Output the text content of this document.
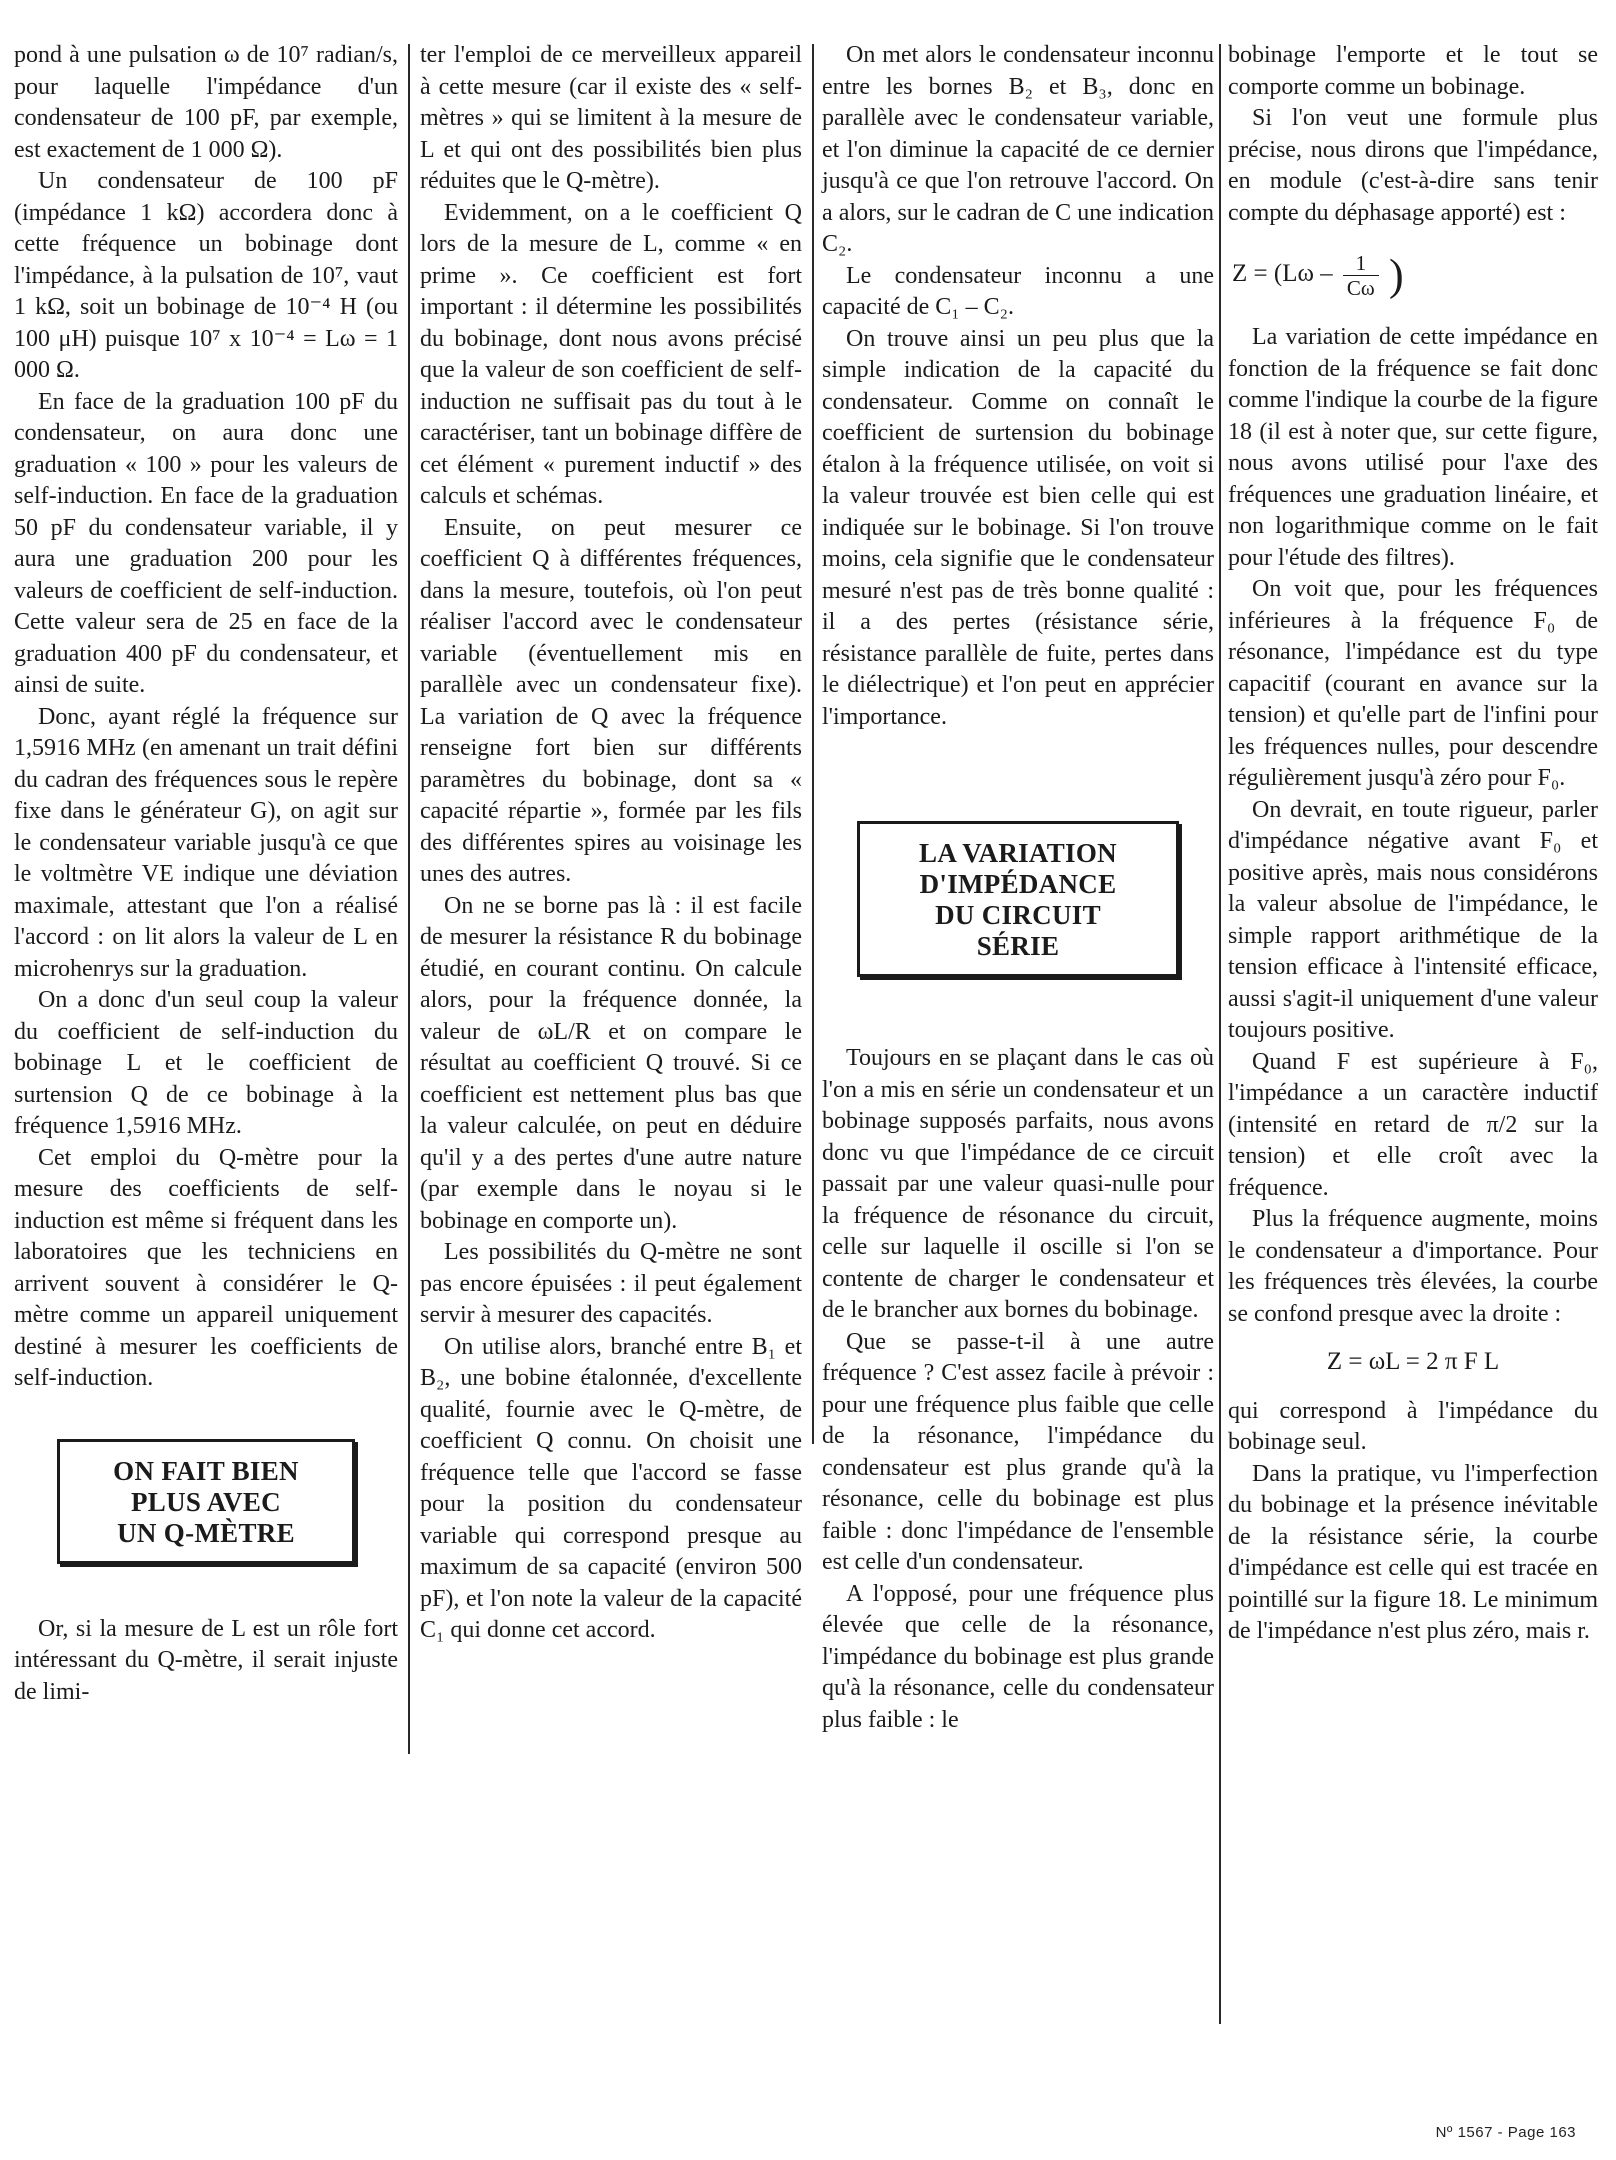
pond à une pulsation ω de 10⁷ radian/s, pour laquelle l'impédance d'un condensateur de 100 pF, par exemple, est exactement de 1 000 Ω).

Un condensateur de 100 pF (impédance 1 kΩ) accordera donc à cette fréquence un bobinage dont l'impédance, à la pulsation de 10⁷, vaut 1 kΩ, soit un bobinage de 10⁻⁴ H (ou 100 μH) puisque 10⁷ x 10⁻⁴ = Lω = 1 000 Ω.

En face de la graduation 100 pF du condensateur, on aura donc une graduation « 100 » pour les valeurs de self-induction. En face de la graduation 50 pF du condensateur variable, il y aura une graduation 200 pour les valeurs de coefficient de self-induction. Cette valeur sera de 25 en face de la graduation 400 pF du condensateur, et ainsi de suite.

Donc, ayant réglé la fréquence sur 1,5916 MHz (en amenant un trait défini du cadran des fréquences sous le repère fixe dans le générateur G), on agit sur le condensateur variable jusqu'à ce que le voltmètre VE indique une déviation maximale, attestant que l'on a réalisé l'accord : on lit alors la valeur de L en microhenrys sur la graduation.

On a donc d'un seul coup la valeur du coefficient de self-induction du bobinage L et le coefficient de surtension Q de ce bobinage à la fréquence 1,5916 MHz.

Cet emploi du Q-mètre pour la mesure des coefficients de self-induction est même si fréquent dans les laboratoires que les techniciens en arrivent souvent à considérer le Q-mètre comme un appareil uniquement destiné à mesurer les coefficients de self-induction.

ON FAIT BIEN
PLUS AVEC
UN Q-MÈTRE

Or, si la mesure de L est un rôle fort intéressant du Q-mètre, il serait injuste de limi-

ter l'emploi de ce merveilleux appareil à cette mesure (car il existe des « self-mètres » qui se limitent à la mesure de L et qui ont des possibilités bien plus réduites que le Q-mètre).

Evidemment, on a le coefficient Q lors de la mesure de L, comme « en prime ». Ce coefficient est fort important : il détermine les possibilités du bobinage, dont nous avons précisé que la valeur de son coefficient de self-induction ne suffisait pas du tout à le caractériser, tant un bobinage diffère de cet élément « purement inductif » des calculs et schémas.

Ensuite, on peut mesurer ce coefficient Q à différentes fréquences, dans la mesure, toutefois, où l'on peut réaliser l'accord avec le condensateur variable (éventuellement mis en parallèle avec un condensateur fixe). La variation de Q avec la fréquence renseigne fort bien sur différents paramètres du bobinage, dont sa « capacité répartie », formée par les fils des différentes spires au voisinage les unes des autres.

On ne se borne pas là : il est facile de mesurer la résistance R du bobinage étudié, en courant continu. On calcule alors, pour la fréquence donnée, la valeur de ωL/R et on compare le résultat au coefficient Q trouvé. Si ce coefficient est nettement plus bas que la valeur calculée, on peut en déduire qu'il y a des pertes d'une autre nature (par exemple dans le noyau si le bobinage en comporte un).

Les possibilités du Q-mètre ne sont pas encore épuisées : il peut également servir à mesurer des capacités.

On utilise alors, branché entre B₁ et B₂, une bobine étalonnée, d'excellente qualité, fournie avec le Q-mètre, de coefficient Q connu. On choisit une fréquence telle que l'accord se fasse pour la position du condensateur variable qui correspond presque au maximum de sa capacité (environ 500 pF), et l'on note la valeur de la capacité C₁ qui donne cet accord.

On met alors le condensateur inconnu entre les bornes B₂ et B₃, donc en parallèle avec le condensateur variable, et l'on diminue la capacité de ce dernier jusqu'à ce que l'on retrouve l'accord. On a alors, sur le cadran de C une indication C₂.

Le condensateur inconnu a une capacité de C₁ – C₂.

On trouve ainsi un peu plus que la simple indication de la capacité du condensateur. Comme on connaît le coefficient de surtension du bobinage étalon à la fréquence utilisée, on voit si la valeur trouvée est bien celle qui est indiquée sur le bobinage. Si l'on trouve moins, cela signifie que le condensateur mesuré n'est pas de très bonne qualité : il a des pertes (résistance série, résistance parallèle de fuite, pertes dans le diélectrique) et l'on peut en apprécier l'importance.

LA VARIATION
D'IMPÉDANCE
DU CIRCUIT
SÉRIE

Toujours en se plaçant dans le cas où l'on a mis en série un condensateur et un bobinage supposés parfaits, nous avons donc vu que l'impédance de ce circuit passait par une valeur quasi-nulle pour la fréquence de résonance du circuit, celle sur laquelle il oscille si l'on se contente de charger le condensateur et de le brancher aux bornes du bobinage.

Que se passe-t-il à une autre fréquence ? C'est assez facile à prévoir : pour une fréquence plus faible que celle de la résonance, l'impédance du condensateur est plus grande qu'à la résonance, celle du bobinage est plus faible : donc l'impédance de l'ensemble est celle d'un condensateur.

A l'opposé, pour une fréquence plus élevée que celle de la résonance, l'impédance du bobinage est plus grande qu'à la résonance, celle du condensateur plus faible : le

bobinage l'emporte et le tout se comporte comme un bobinage.

Si l'on veut une formule plus précise, nous dirons que l'impédance, en module (c'est-à-dire sans tenir compte du déphasage apporté) est :

$Z = (L\omega - \frac{1}{C\omega}$ )

La variation de cette impédance en fonction de la fréquence se fait donc comme l'indique la courbe de la figure 18 (il est à noter que, sur cette figure, nous avons utilisé pour l'axe des fréquences une graduation linéaire, et non logarithmique comme on le fait pour l'étude des filtres).

On voit que, pour les fréquences inférieures à la fréquence F₀ de résonance, l'impédance est du type capacitif (courant en avance sur la tension) et qu'elle part de l'infini pour les fréquences nulles, pour descendre régulièrement jusqu'à zéro pour F₀.

On devrait, en toute rigueur, parler d'impédance négative avant F₀ et positive après, mais nous considérons la valeur absolue de l'impédance, le simple rapport arithmétique de la tension efficace à l'intensité efficace, aussi s'agit-il uniquement d'une valeur toujours positive.

Quand F est supérieure à F₀, l'impédance a un caractère inductif (intensité en retard de π/2 sur la tension) et elle croît avec la fréquence.

Plus la fréquence augmente, moins le condensateur a d'importance. Pour les fréquences très élevées, la courbe se confond presque avec la droite :

Z = ωL = 2 π F L

qui correspond à l'impédance du bobinage seul.

Dans la pratique, vu l'imperfection du bobinage et la présence inévitable de la résistance série, la courbe d'impédance est celle qui est tracée en pointillé sur la figure 18. Le minimum de l'impédance n'est plus zéro, mais r.

Nº 1567 - Page 163
